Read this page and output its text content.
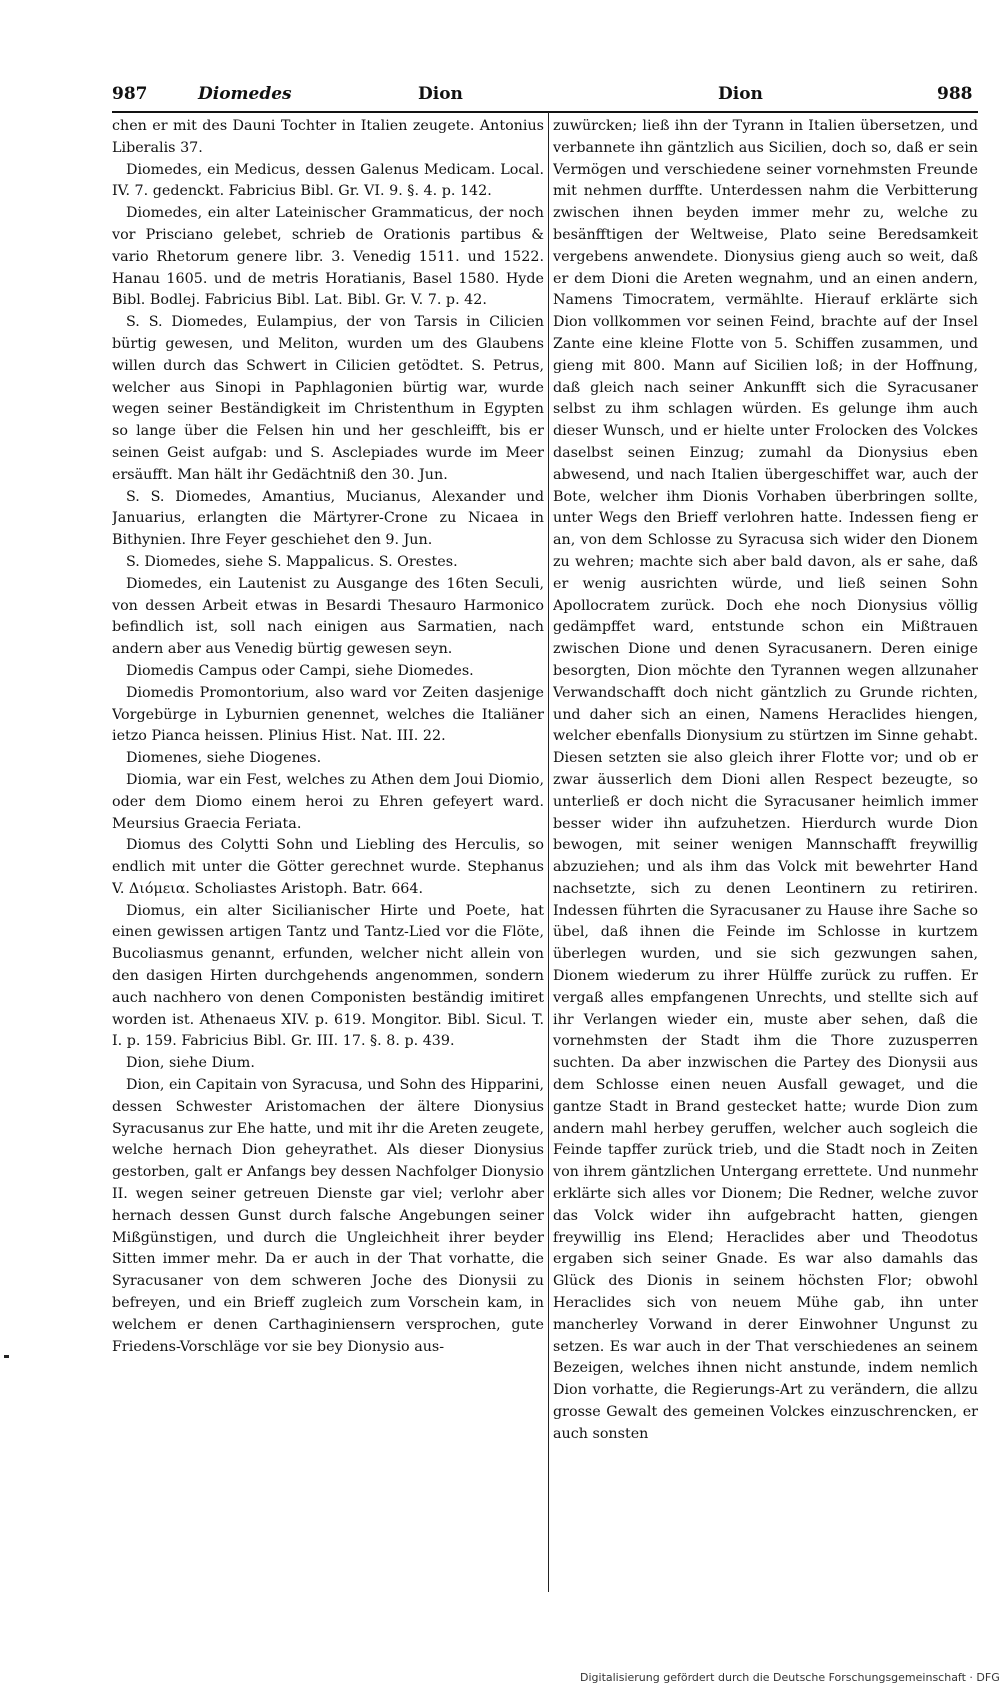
987	Diomedes	Dion	Dion	988

chen er mit des Dauni Tochter in Italien zeugete. Antonius Liberalis 37.

Diomedes, ein Medicus, dessen Galenus Medicam. Local. IV. 7. gedenckt. Fabricius Bibl. Gr. VI. 9. §. 4. p. 142.

Diomedes, ein alter Lateinischer Grammaticus, der noch vor Prisciano gelebet, schrieb de Orationis partibus & vario Rhetorum genere libr. 3. Venedig 1511. und 1522. Hanau 1605. und de metris Horatianis, Basel 1580. Hyde Bibl. Bodlej. Fabricius Bibl. Lat. Bibl. Gr. V. 7. p. 42.

S. S. Diomedes, Eulampius, der von Tarsis in Cilicien bürtig gewesen, und Meliton, wurden um des Glaubens willen durch das Schwert in Cilicien getödtet. S. Petrus, welcher aus Sinopi in Paphlagonien bürtig war, wurde wegen seiner Beständigkeit im Christenthum in Egypten so lange über die Felsen hin und her geschleifft, bis er seinen Geist aufgab: und S. Asclepiades wurde im Meer ersäufft. Man hält ihr Gedächtniß den 30. Jun.

S. S. Diomedes, Amantius, Mucianus, Alexander und Januarius, erlangten die Märtyrer-Crone zu Nicaea in Bithynien. Ihre Feyer geschiehet den 9. Jun.

S. Diomedes, siehe S. Mappalicus. S. Orestes.

Diomedes, ein Lautenist zu Ausgange des 16ten Seculi, von dessen Arbeit etwas in Besardi Thesauro Harmonico befindlich ist, soll nach einigen aus Sarmatien, nach andern aber aus Venedig bürtig gewesen seyn.

Diomedis Campus oder Campi, siehe Diomedes.

Diomedis Promontorium, also ward vor Zeiten dasjenige Vorgebürge in Lyburnien genennet, welches die Italiäner ietzo Pianca heissen. Plinius Hist. Nat. III. 22.

Diomenes, siehe Diogenes.

Diomia, war ein Fest, welches zu Athen dem Joui Diomio, oder dem Diomo einem heroi zu Ehren gefeyert ward. Meursius Graecia Feriata.

Diomus des Colytti Sohn und Liebling des Herculis, so endlich mit unter die Götter gerechnet wurde. Stephanus V. Διόμεια. Scholiastes Aristoph. Batr. 664.

Diomus, ein alter Sicilianischer Hirte und Poete, hat einen gewissen artigen Tantz und Tantz-Lied vor die Flöte, Bucoliasmus genannt, erfunden, welcher nicht allein von den dasigen Hirten durchgehends angenommen, sondern auch nachhero von denen Componisten beständig imitiret worden ist. Athenaeus XIV. p. 619. Mongitor. Bibl. Sicul. T. I. p. 159. Fabricius Bibl. Gr. III. 17. §. 8. p. 439.

Dion, siehe Dium.

Dion, ein Capitain von Syracusa, und Sohn des Hipparini, dessen Schwester Aristomachen der ältere Dionysius Syracusanus zur Ehe hatte, und mit ihr die Areten zeugete, welche hernach Dion geheyrathet. Als dieser Dionysius gestorben, galt er Anfangs bey dessen Nachfolger Dionysio II. wegen seiner getreuen Dienste gar viel; verlohr aber hernach dessen Gunst durch falsche Angebungen seiner Mißgünstigen, und durch die Ungleichheit ihrer beyder Sitten immer mehr. Da er auch in der That vorhatte, die Syracusaner von dem schweren Joche des Dionysii zu befreyen, und ein Brieff zugleich zum Vorschein kam, in welchem er denen Carthaginiensern versprochen, gute Friedens-Vorschläge vor sie bey Dionysio aus-

zuwürcken; ließ ihn der Tyrann in Italien übersetzen, und verbannete ihn gäntzlich aus Sicilien, doch so, daß er sein Vermögen und verschiedene seiner vornehmsten Freunde mit nehmen durffte. Unterdessen nahm die Verbitterung zwischen ihnen beyden immer mehr zu, welche zu besänfftigen der Weltweise, Plato seine Beredsamkeit vergebens anwendete. Dionysius gieng auch so weit, daß er dem Dioni die Areten wegnahm, und an einen andern, Namens Timocratem, vermählte. Hierauf erklärte sich Dion vollkommen vor seinen Feind, brachte auf der Insel Zante eine kleine Flotte von 5. Schiffen zusammen, und gieng mit 800. Mann auf Sicilien loß; in der Hoffnung, daß gleich nach seiner Ankunfft sich die Syracusaner selbst zu ihm schlagen würden. Es gelunge ihm auch dieser Wunsch, und er hielte unter Frolocken des Volckes daselbst seinen Einzug; zumahl da Dionysius eben abwesend, und nach Italien übergeschiffet war, auch der Bote, welcher ihm Dionis Vorhaben überbringen sollte, unter Wegs den Brieff verlohren hatte. Indessen fieng er an, von dem Schlosse zu Syracusa sich wider den Dionem zu wehren; machte sich aber bald davon, als er sahe, daß er wenig ausrichten würde, und ließ seinen Sohn Apollocratem zurück. Doch ehe noch Dionysius völlig gedämpffet ward, entstunde schon ein Mißtrauen zwischen Dione und denen Syracusanern. Deren einige besorgten, Dion möchte den Tyrannen wegen allzunaher Verwandschafft doch nicht gäntzlich zu Grunde richten, und daher sich an einen, Namens Heraclides hiengen, welcher ebenfalls Dionysium zu stürtzen im Sinne gehabt. Diesen setzten sie also gleich ihrer Flotte vor; und ob er zwar äusserlich dem Dioni allen Respect bezeugte, so unterließ er doch nicht die Syracusaner heimlich immer besser wider ihn aufzuhetzen. Hierdurch wurde Dion bewogen, mit seiner wenigen Mannschafft freywillig abzuziehen; und als ihm das Volck mit bewehrter Hand nachsetzte, sich zu denen Leontinern zu retiriren. Indessen führten die Syracusaner zu Hause ihre Sache so übel, daß ihnen die Feinde im Schlosse in kurtzem überlegen wurden, und sie sich gezwungen sahen, Dionem wiederum zu ihrer Hülffe zurück zu ruffen. Er vergaß alles empfangenen Unrechts, und stellte sich auf ihr Verlangen wieder ein, muste aber sehen, daß die vornehmsten der Stadt ihm die Thore zuzusperren suchten. Da aber inzwischen die Partey des Dionysii aus dem Schlosse einen neuen Ausfall gewaget, und die gantze Stadt in Brand gestecket hatte; wurde Dion zum andern mahl herbey geruffen, welcher auch sogleich die Feinde tapffer zurück trieb, und die Stadt noch in Zeiten von ihrem gäntzlichen Untergang errettete. Und nunmehr erklärte sich alles vor Dionem; Die Redner, welche zuvor das Volck wider ihn aufgebracht hatten, giengen freywillig ins Elend; Heraclides aber und Theodotus ergaben sich seiner Gnade. Es war also damahls das Glück des Dionis in seinem höchsten Flor; obwohl Heraclides sich von neuem Mühe gab, ihn unter mancherley Vorwand in derer Einwohner Ungunst zu setzen. Es war auch in der That verschiedenes an seinem Bezeigen, welches ihnen nicht anstunde, indem nemlich Dion vorhatte, die Regierungs-Art zu verändern, die allzu grosse Gewalt des gemeinen Volckes einzuschrencken, er auch sonsten

Digitalisierung gefördert durch die Deutsche Forschungsgemeinschaft · DFG
